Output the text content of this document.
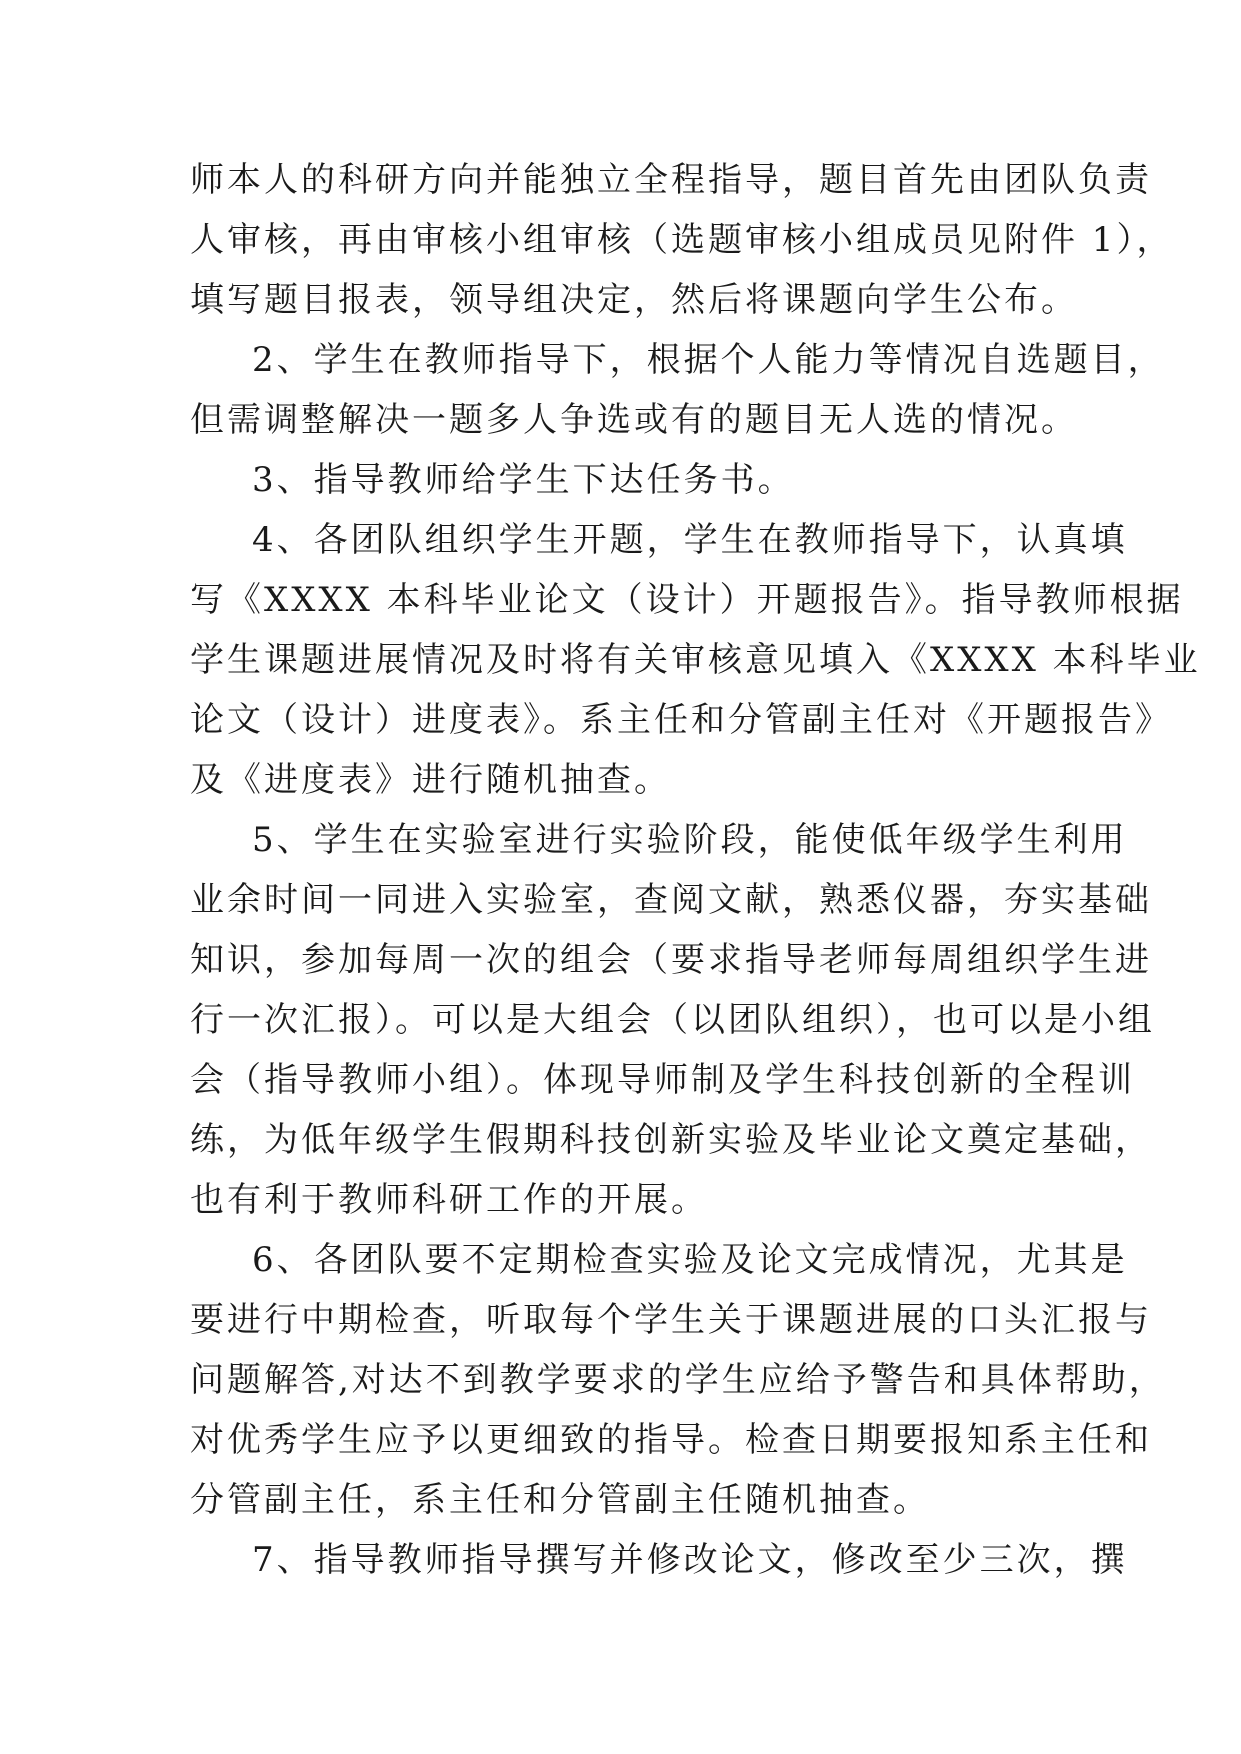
师本人的科研方向并能独立全程指导，题目首先由团队负责
人审核，再由审核小组审核（选题审核小组成员见附件 1），
填写题目报表，领导组决定，然后将课题向学生公布。
2、学生在教师指导下，根据个人能力等情况自选题目，
但需调整解决一题多人争选或有的题目无人选的情况。
3、指导教师给学生下达任务书。
4、各团队组织学生开题，学生在教师指导下，认真填
写《XXXX 本科毕业论文（设计）开题报告》。指导教师根据
学生课题进展情况及时将有关审核意见填入《XXXX 本科毕业
论文（设计）进度表》。系主任和分管副主任对《开题报告》
及《进度表》进行随机抽查。
5、学生在实验室进行实验阶段，能使低年级学生利用
业余时间一同进入实验室，查阅文献，熟悉仪器，夯实基础
知识，参加每周一次的组会（要求指导老师每周组织学生进
行一次汇报）。可以是大组会（以团队组织），也可以是小组
会（指导教师小组）。体现导师制及学生科技创新的全程训
练，为低年级学生假期科技创新实验及毕业论文奠定基础，
也有利于教师科研工作的开展。
6、各团队要不定期检查实验及论文完成情况，尤其是
要进行中期检查，听取每个学生关于课题进展的口头汇报与
问题解答,对达不到教学要求的学生应给予警告和具体帮助，
对优秀学生应予以更细致的指导。检查日期要报知系主任和
分管副主任，系主任和分管副主任随机抽查。
7、指导教师指导撰写并修改论文，修改至少三次，撰
